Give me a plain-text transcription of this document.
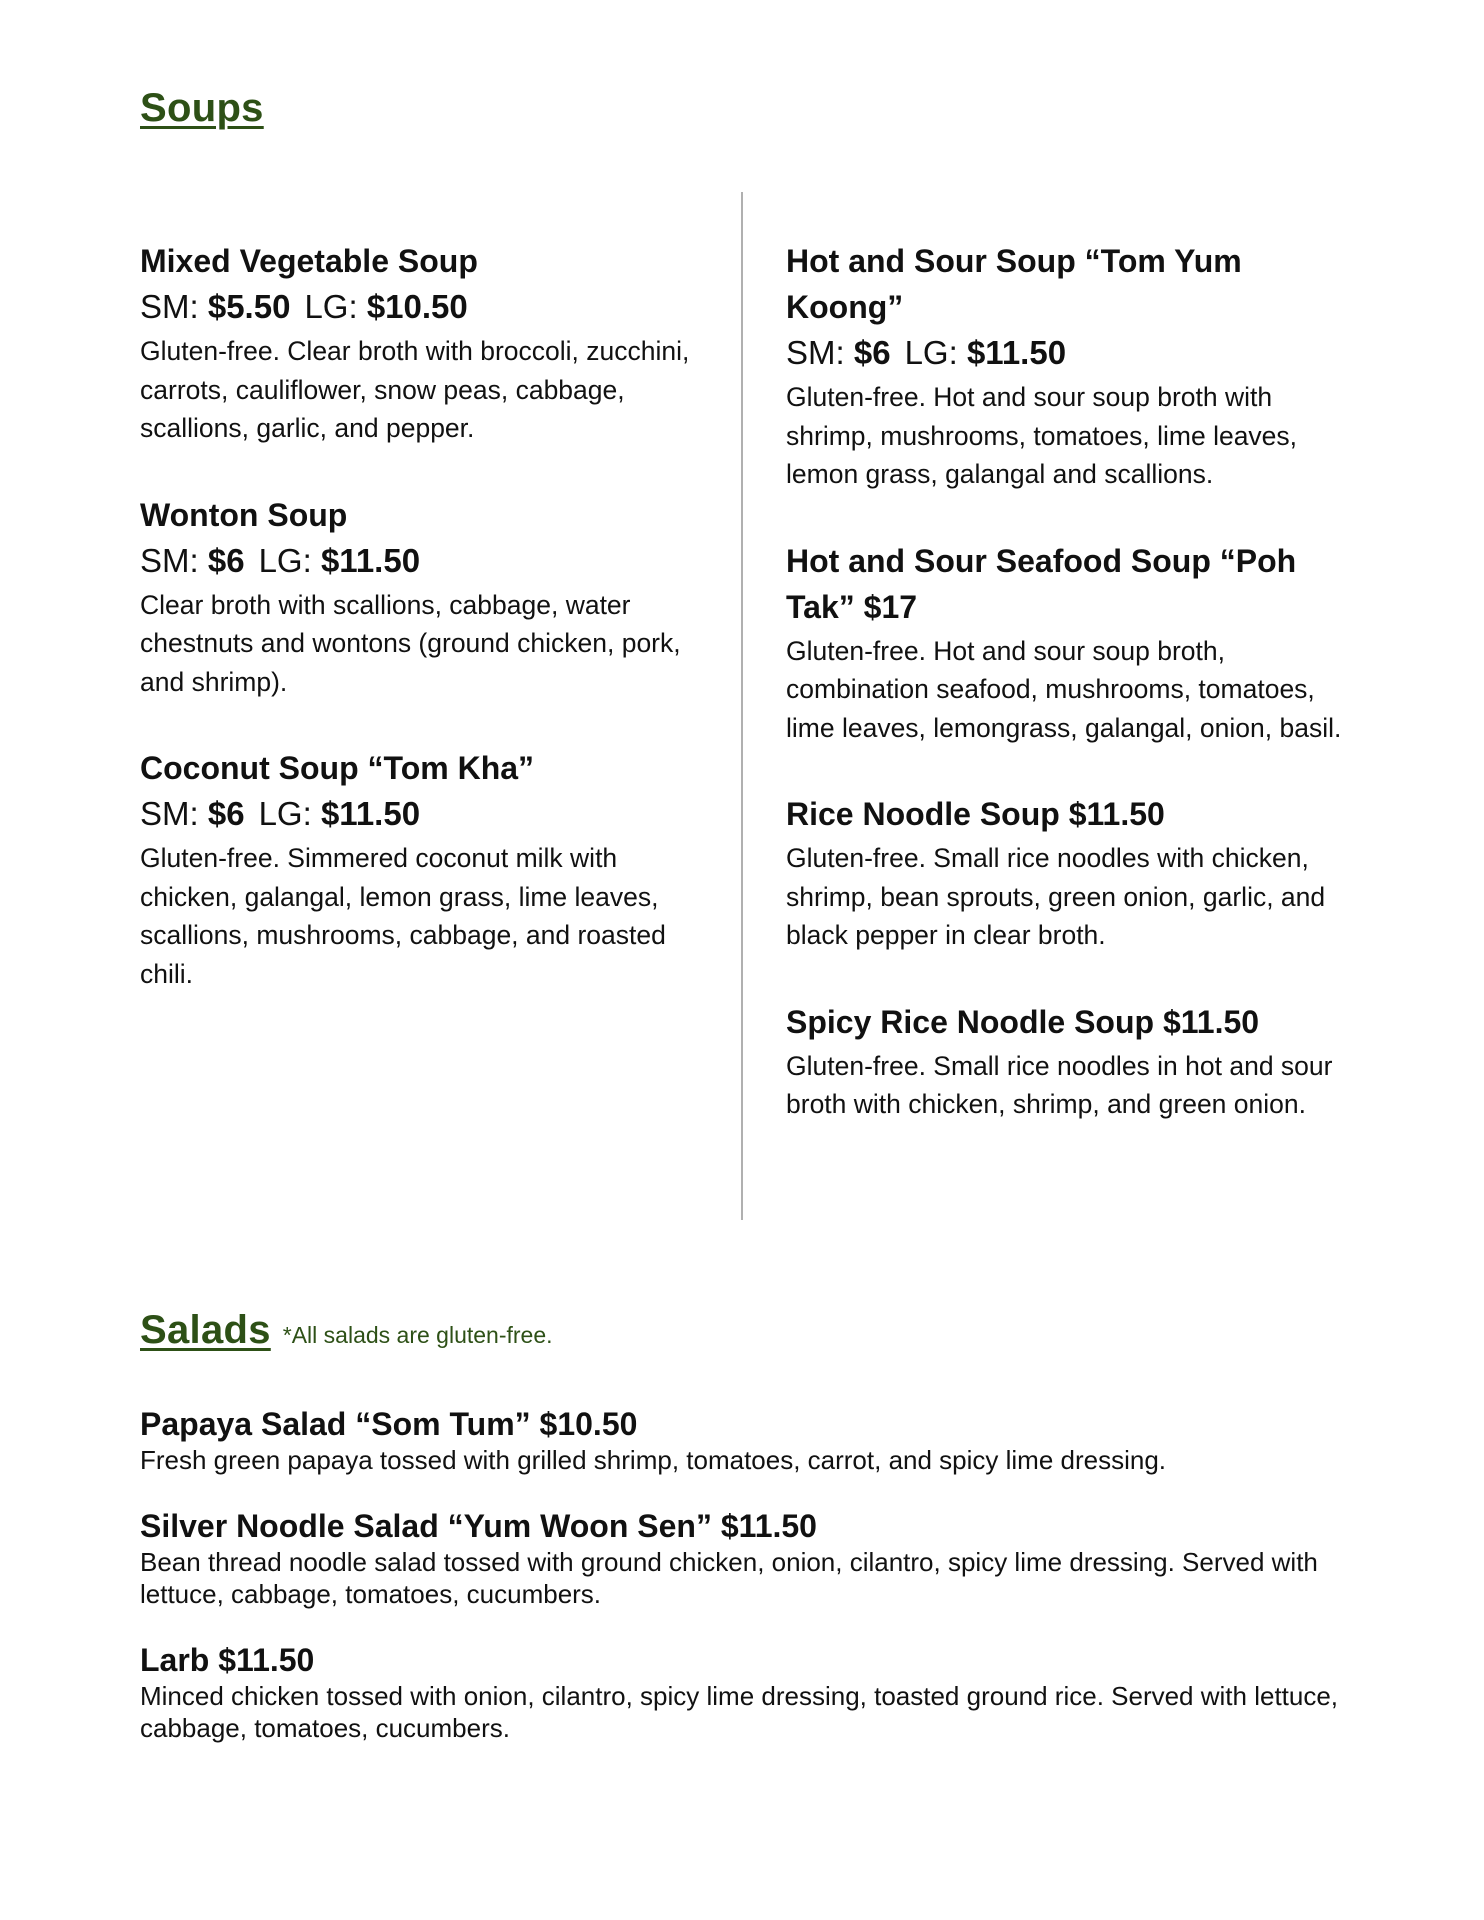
Soups

Mixed Vegetable Soup

SM: $5.50 LG: $10.50

Gluten-free. Clear broth with broccoli, zucchini, carrots, cauliflower, snow peas, cabbage, scallions, garlic, and pepper.

Wonton Soup

SM: $6 LG: $11.50

Clear broth with scallions, cabbage, water chestnuts and wontons (ground chicken, pork, and shrimp).

Coconut Soup “Tom Kha”

SM: $6 LG: $11.50

Gluten-free. Simmered coconut milk with chicken, galangal, lemon grass, lime leaves, scallions, mushrooms, cabbage, and roasted chili.

Hot and Sour Soup “Tom Yum Koong”

SM: $6 LG: $11.50

Gluten-free. Hot and sour soup broth with shrimp, mushrooms, tomatoes, lime leaves, lemon grass, galangal and scallions.

Hot and Sour Seafood Soup “Poh Tak” $17

Gluten-free. Hot and sour soup broth, combination seafood, mushrooms, tomatoes, lime leaves, lemongrass, galangal, onion, basil.

Rice Noodle Soup $11.50

Gluten-free. Small rice noodles with chicken, shrimp, bean sprouts, green onion, garlic, and black pepper in clear broth.

Spicy Rice Noodle Soup $11.50

Gluten-free. Small rice noodles in hot and sour broth with chicken, shrimp, and green onion.

Salads *All salads are gluten-free.

Papaya Salad “Som Tum” $10.50

Fresh green papaya tossed with grilled shrimp, tomatoes, carrot, and spicy lime dressing.

Silver Noodle Salad “Yum Woon Sen” $11.50

Bean thread noodle salad tossed with ground chicken, onion, cilantro, spicy lime dressing. Served with lettuce, cabbage, tomatoes, cucumbers.

Larb $11.50

Minced chicken tossed with onion, cilantro, spicy lime dressing, toasted ground rice. Served with lettuce, cabbage, tomatoes, cucumbers.
